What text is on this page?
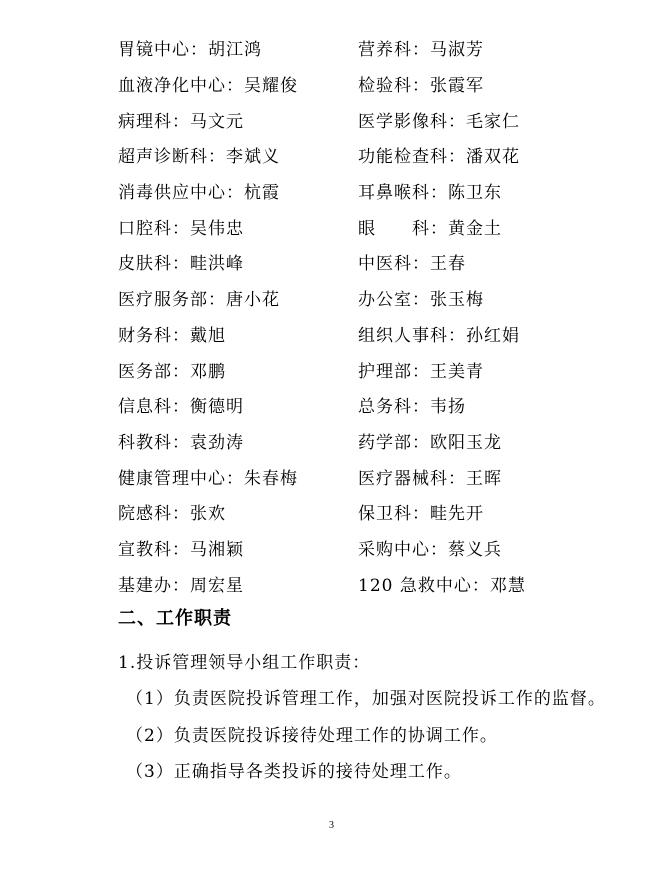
胃镜中心：胡江鸿	营养科：马淑芳
血液净化中心：吴耀俊	检验科：张霞军
病理科：马文元	医学影像科：毛家仁
超声诊断科：李斌义	功能检查科：潘双花
消毒供应中心：杭霞	耳鼻喉科：陈卫东
口腔科：吴伟忠	眼　　科：黄金土
皮肤科：畦洪峰	中医科：王春
医疗服务部：唐小花	办公室：张玉梅
财务科：戴旭	组织人事科：孙红娟
医务部：邓鹏	护理部：王美青
信息科：衡德明	总务科：韦扬
科教科：袁劲涛	药学部：欧阳玉龙
健康管理中心：朱春梅	医疗器械科：王晖
院感科：张欢	保卫科：畦先开
宣教科：马湘颖	采购中心：蔡义兵
基建办：周宏星	120 急救中心：邓慧
二、工作职责
1.投诉管理领导小组工作职责：
（1）负责医院投诉管理工作，加强对医院投诉工作的监督。
（2）负责医院投诉接待处理工作的协调工作。
（3）正确指导各类投诉的接待处理工作。
3
